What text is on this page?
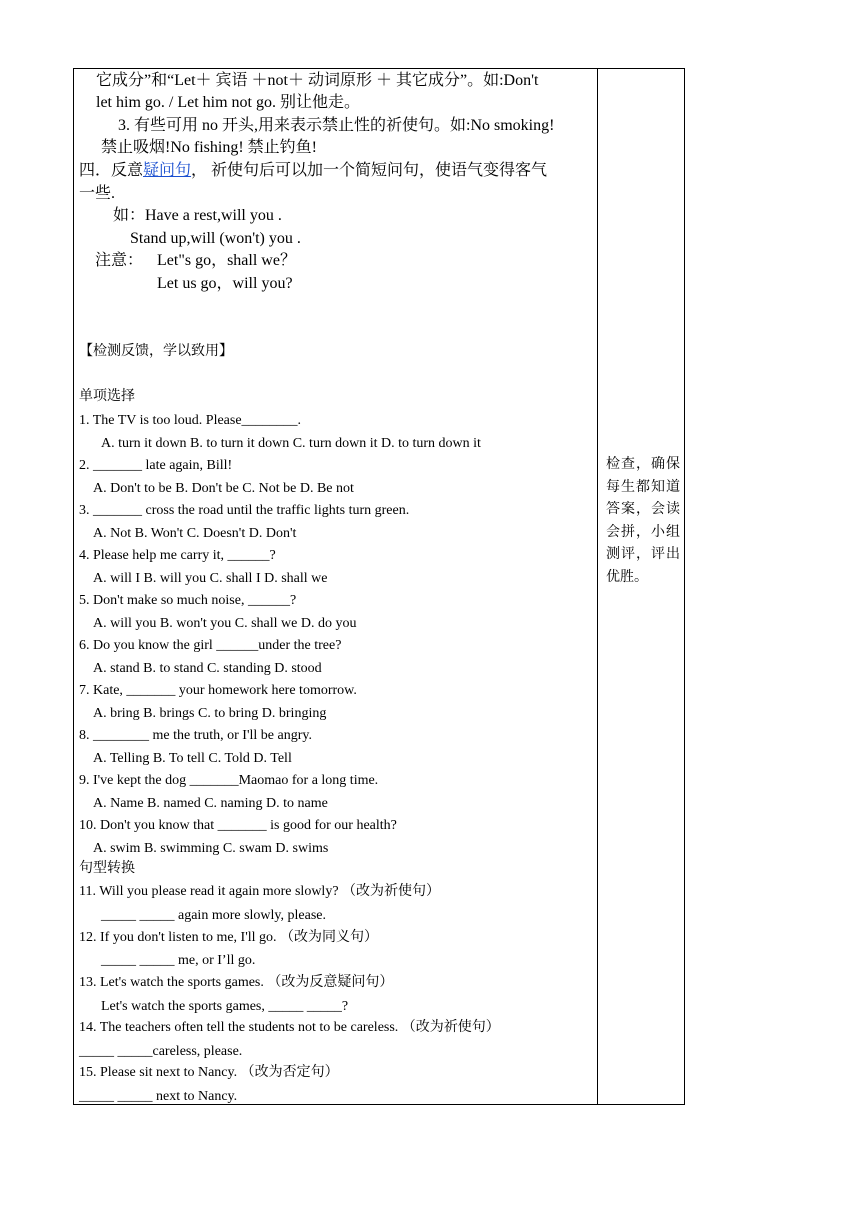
它成分”和“Let＋ 宾语 ＋not＋ 动词原形 ＋ 其它成分”。如:Don't
let him go. / Let him not go. 别让他走。
3. 有些可用 no 开头,用来表示禁止性的祈使句。如:No smoking!
禁止吸烟!No fishing! 禁止钓鱼!
四．反意疑问句， 祈使句后可以加一个简短问句，使语气变得客气
一些.
如：Have a rest,will you .
Stand up,will (won't) you .
注意： Let"s go，shall we？
Let us go，will you?
【检测反馈，学以致用】
单项选择
1. The TV is too loud. Please________.
A. turn it down B. to turn it down C. turn down it D. to turn down it
2. _______ late again, Bill!
A. Don't to be B. Don't be C. Not be D. Be not
3. _______ cross the road until the traffic lights turn green.
A. Not B. Won't C. Doesn't D. Don't
4. Please help me carry it, ______?
A. will I B. will you C. shall I D. shall we
5. Don't make so much noise, ______?
A. will you B. won't you C. shall we D. do you
6. Do you know the girl ______under the tree?
A. stand B. to stand C. standing D. stood
7. Kate, _______ your homework here tomorrow.
A. bring B. brings C. to bring D. bringing
8. ________ me the truth, or I'll be angry.
A. Telling B. To tell C. Told D. Tell
9. I've kept the dog _______Maomao for a long time.
A. Name B. named C. naming D. to name
10. Don't you know that _______ is good for our health?
A. swim B. swimming C. swam D. swims
句型转换
11. Will you please read it again more slowly? （改为祈使句）
_____ _____ again more slowly, please.
12. If you don't listen to me, I'll go. （改为同义句）
_____ _____ me, or I’ll go.
13. Let's watch the sports games. （改为反意疑问句）
Let's watch the sports games, _____ _____?
14. The teachers often tell the students not to be careless. （改为祈使句）
_____ _____careless, please.
15. Please sit next to Nancy. （改为否定句）
_____ _____ next to Nancy.
检查，确保每生都知道答案，会读会拼，小组测评，评出优胜。
